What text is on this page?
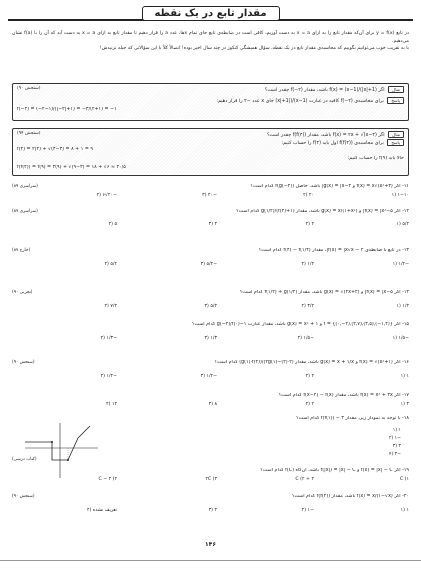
مقدار تابع در یک نقطه
در تابع y = f(x) برای آن‌که مقدار تابع را به ازای x = a به دست آوریم، کافی است در ضابطه‌ی تابع جای تمام xها، عدد a را قرار دهیم تا مقدار تابع به ازای x = a به دست آید که آن را با f(a) نشان می‌دهیم.
با به تقریب خوب می‌توانیم بگوییم که محاسبه‌ی مقدار تابع در یک نقطه، سؤال همیشگی کنکور در چند سال اخیر بوده! اتصالاً کلاً با این سؤالاتی که حیله نزنیدش!
مثال اگر f(x) = (x−1)/(|x|+1) باشد، مقدار f(−۲) چقدر است؟
(ستجش ۹۰)
پاسخ برای محاسبه‌ی f(−۲) کافیه در عبارت (x−1)/(|x|+1) جای x عدد −۲ را قرار دهیم:
f(−۲) = (−۲−۱)/(|−۲|+۱) = −۳/(۲+۱) = −۱
مثال اگر f(x) = ۲x + √(x−۳) باشد، مقدار f(f(۴)) چقدر است؟
(ستجش ۹۴)
پاسخ برای محاسبه‌ی f(f(۴)) اول باید f(۴) را حساب کنیم:
f(۴) = ۲(۴) + √(۴−۳) = ۸ + ۱ = ۹
حالا باید f(۹) را حساب کنیم:
f(f(۴)) = f(۹) = ۲(۹) + √(۹−۳) = ۱۸ + √۶ ≈ ۲۰/۵
۱۱- اگر f(x) = x√(x²+۳) و g(x) = |x−۲| باشد، حاصل f(g(−۲)) کدام است؟
(سراسری ۸۹)
۱−۱۰ (۱
۲۰ (۲
−۲۰ (۳
−۲۰√۶ (۴
۱۲- اگر f(x) = |x²−۵| و g(x) = x/(۱+x²) باشد، مقدار (۱+f(۲))/g(۱/۲) کدام است؟
(سراسری ۸۷)
۵/۲ (۱
۲ (۲
۴ (۳
۵ (۴
۱۳- در تابع با ضابطه‌ی f(x) = |x√x − ۲|، مقدار f(۴) − f(۱/۴) کدام است؟
(خارج ۸۷)
−۱/۲ (۱
۱/۲ (۲
−۵/۲ (۳
۵/۲ (۴
۱۴- اگر f(x) = |x−۵| و g(x) = √(۲x+۲) باشد، مقدار f(۱/۲) + g(۱/۲) کدام است؟
(تجربی ۹۰)
۱/۲ (۱
۳/۲ (۲
۵/۲ (۳
۷/۲ (۴
۱۵- اگر f = {(۰,−۲),(۲,۷),(۳,۵),(−۱,۴)} و g(x) = x² + ۱ باشد، مقدار عبارت g(−۲)/f(۰)−۱ کدام است؟
−۱/۵ (۱
−۱/۵ (۲
۱/۳ (۳
−۱/۳ (۴
۱۶- اگر f(x) = √(x²+۱) و g(x) = x + ۱/x باشد، مقدار (۲·(۲)−۲g(۱))/(g(۱)·f(۲)) کدام است؟
(ستجش ۹۰)
۱ (۱
۲ (۲
−۱/۲ (۳
−۱/۲ (۴
۱۷- اگر f(x) = x² + ۳x باشد، مقدار f(x−۲) − f(x) کدام است؟
۲ (۱
۴ (۲
۸ (۳
۱۲ (۴
۱۸- با توجه به نمودار زیر، مقدار f(f(۱)) − ۳ کدام است؟
۱ (۱
−۱ (۲
۳ (۳
−۳ (۴
۱۹- اگر f(x) = |x| − C و f(|x|) = |x| − C باشد، آن‌گاه f(C) کدام است؟
(کتاب درسی)
C (۱
۲ + C (۲
۲C (۳
C − ۴ (۴
۲۰- اگر f(x) = x/(۱−√x) باشد، مقدار f(f(۲)) کدام است؟
(ستجش ۹۰)
۱ (۱
−۱ (۲
۲ (۳
تعریف نشده (۴
۱۴۶
